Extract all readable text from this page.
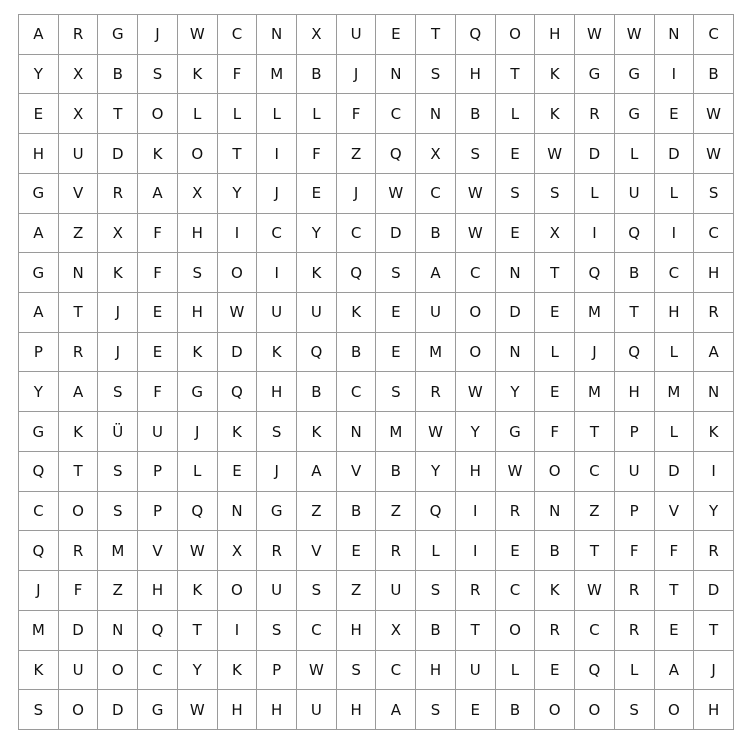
A	R	G	J	W	C	N	X	U	E	T	Q	O	H	W	W	N	C
Y	X	B	S	K	F	M	B	J	N	S	H	T	K	G	G	I	B
E	X	T	O	L	L	L	L	F	C	N	B	L	K	R	G	E	W
H	U	D	K	O	T	I	F	Z	Q	X	S	E	W	D	L	D	W
G	V	R	A	X	Y	J	E	J	W	C	W	S	S	L	U	L	S
A	Z	X	F	H	I	C	Y	C	D	B	W	E	X	I	Q	I	C
G	N	K	F	S	O	I	K	Q	S	A	C	N	T	Q	B	C	H
A	T	J	E	H	W	U	U	K	E	U	O	D	E	M	T	H	R
P	R	J	E	K	D	K	Q	B	E	M	O	N	L	J	Q	L	A
Y	A	S	F	G	Q	H	B	C	S	R	W	Y	E	M	H	M	N
G	K	Ü	U	J	K	S	K	N	M	W	Y	G	F	T	P	L	K
Q	T	S	P	L	E	J	A	V	B	Y	H	W	O	C	U	D	I
C	O	S	P	Q	N	G	Z	B	Z	Q	I	R	N	Z	P	V	Y
Q	R	M	V	W	X	R	V	E	R	L	I	E	B	T	F	F	R
J	F	Z	H	K	O	U	S	Z	U	S	R	C	K	W	R	T	D
M	D	N	Q	T	I	S	C	H	X	B	T	O	R	C	R	E	T
K	U	O	C	Y	K	P	W	S	C	H	U	L	E	Q	L	A	J
S	O	D	G	W	H	H	U	H	A	S	E	B	O	O	S	O	H
